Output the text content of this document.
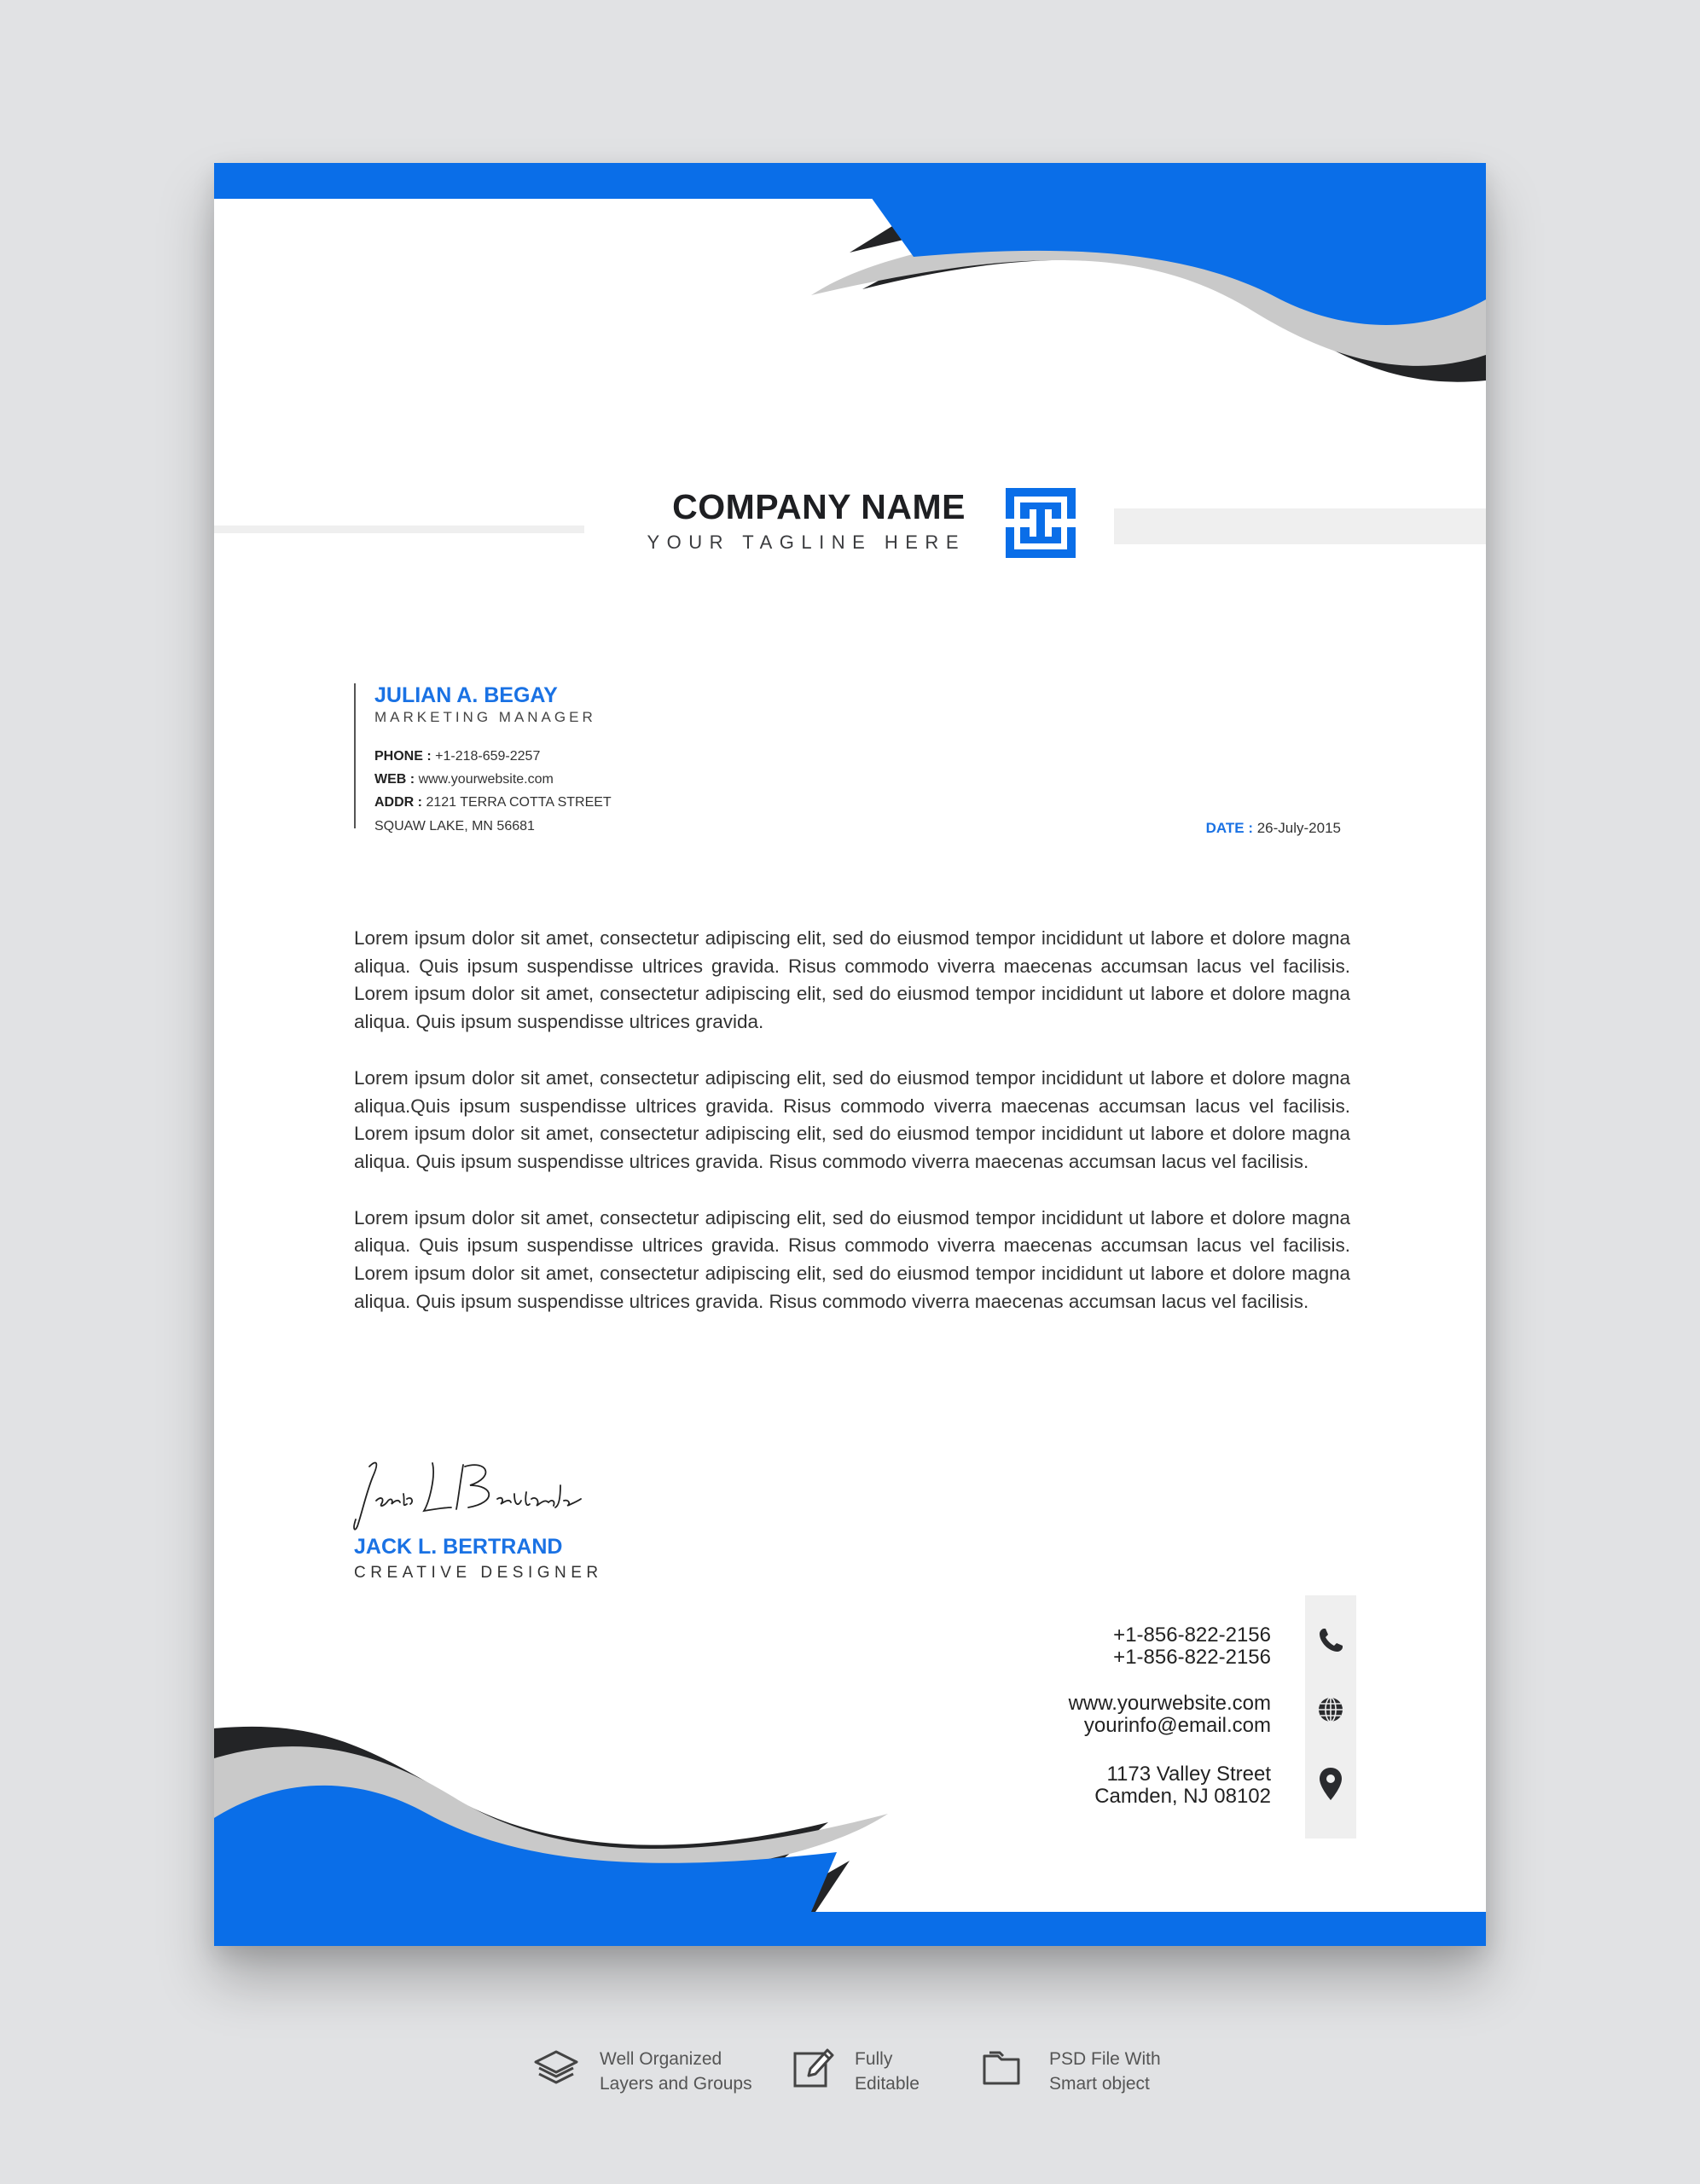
COMPANY NAME
YOUR TAGLINE HERE
JULIAN A. BEGAY
MARKETING MANAGER
PHONE : +1-218-659-2257
WEB : www.yourwebsite.com
ADDR : 2121 TERRA COTTA STREET
SQUAW LAKE, MN 56681	DATE : 26-July-2015

Lorem ipsum dolor sit amet, consectetur adipiscing elit, sed do eiusmod tempor incididunt ut labore et dolore magna aliqua. Quis ipsum suspendisse ultrices gravida. Risus commodo viverra maecenas accumsan lacus vel facilisis. Lorem ipsum dolor sit amet, consectetur adipiscing elit, sed do eiusmod tempor incididunt ut labore et dolore magna aliqua. Quis ipsum suspendisse ultrices gravida.

Lorem ipsum dolor sit amet, consectetur adipiscing elit, sed do eiusmod tempor incididunt ut labore et dolore magna aliqua.Quis ipsum suspendisse ultrices gravida. Risus commodo viverra maecenas accumsan lacus vel facilisis. Lorem ipsum dolor sit amet, consectetur adipiscing elit, sed do eiusmod tempor incididunt ut labore et dolore magna aliqua. Quis ipsum suspendisse ultrices gravida. Risus commodo viverra maecenas accumsan lacus vel facilisis.

Lorem ipsum dolor sit amet, consectetur adipiscing elit, sed do eiusmod tempor incididunt ut labore et dolore magna aliqua. Quis ipsum suspendisse ultrices gravida. Risus commodo viverra maecenas accumsan lacus vel facilisis. Lorem ipsum dolor sit amet, consectetur adipiscing elit, sed do eiusmod tempor incididunt ut labore et dolore magna aliqua. Quis ipsum suspendisse ultrices gravida. Risus commodo viverra maecenas accumsan lacus vel facilisis.

JACK L. BERTRAND
CREATIVE DESIGNER
+1-856-822-2156
+1-856-822-2156
www.yourwebsite.com
yourinfo@email.com
1173 Valley Street
Camden, NJ 08102
Well Organized
Layers and Groups
Fully
Editable
PSD File With
Smart object
